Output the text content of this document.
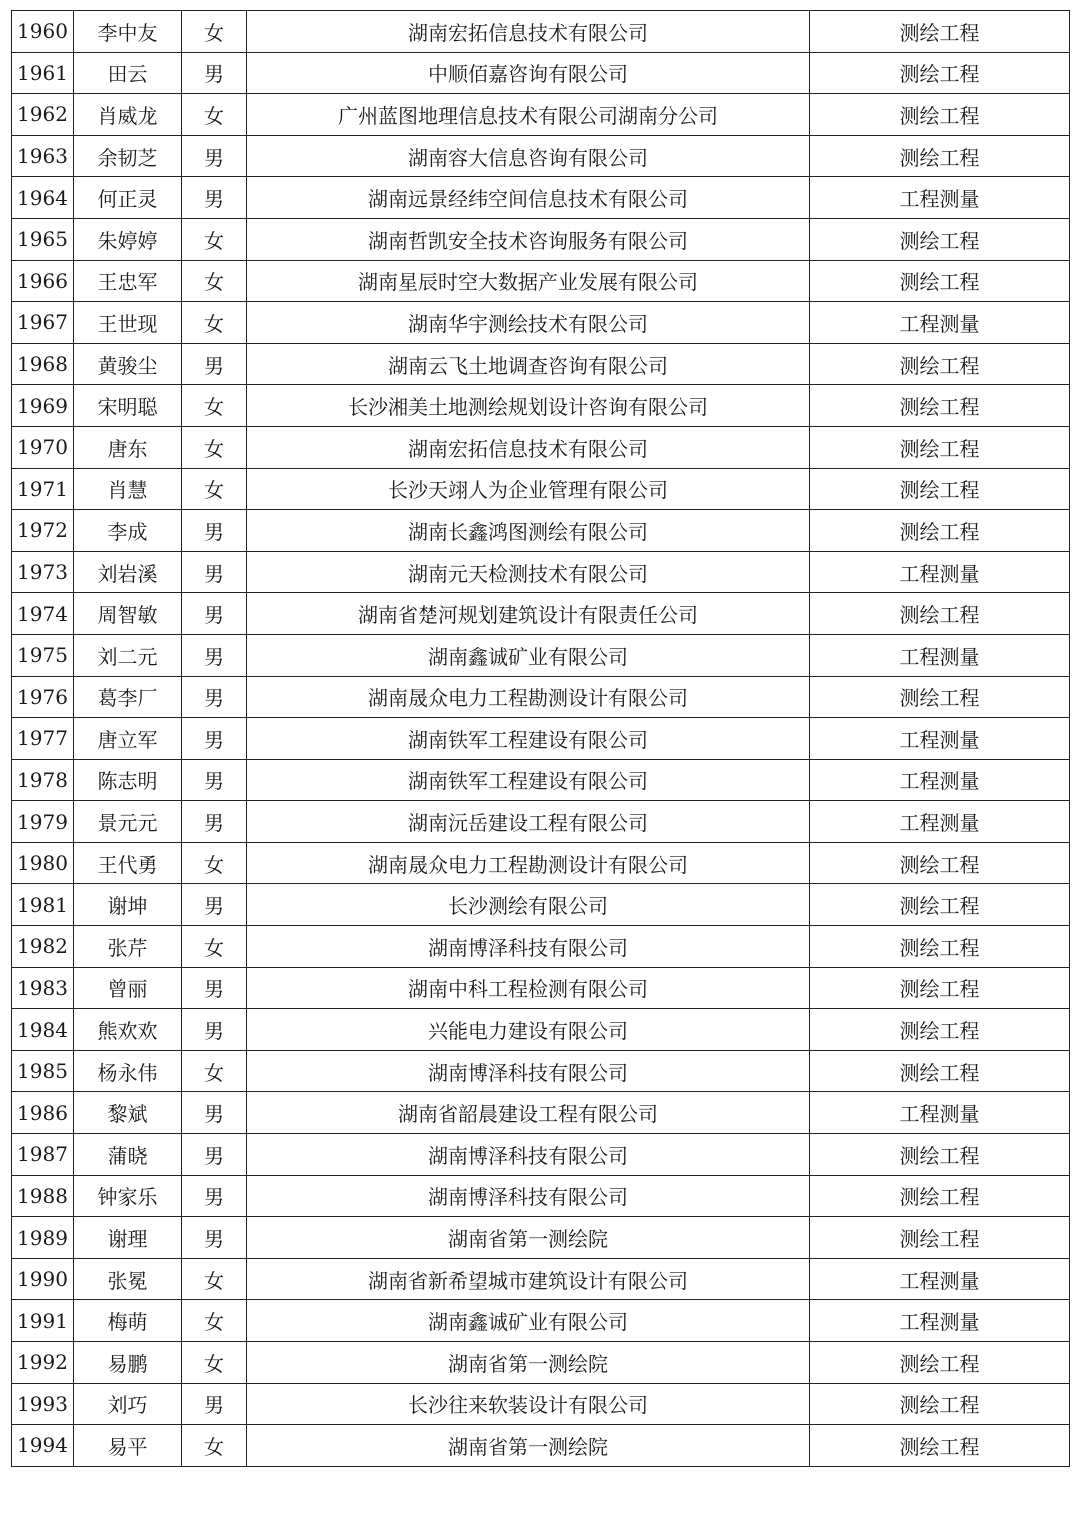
1960	李中友	女	湖南宏拓信息技术有限公司	测绘工程
1961	田云	男	中顺佰嘉咨询有限公司	测绘工程
1962	肖威龙	女	广州蓝图地理信息技术有限公司湖南分公司	测绘工程
1963	余韧芝	男	湖南容大信息咨询有限公司	测绘工程
1964	何正灵	男	湖南远景经纬空间信息技术有限公司	工程测量
1965	朱婷婷	女	湖南哲凯安全技术咨询服务有限公司	测绘工程
1966	王忠军	女	湖南星辰时空大数据产业发展有限公司	测绘工程
1967	王世现	女	湖南华宇测绘技术有限公司	工程测量
1968	黄骏尘	男	湖南云飞土地调查咨询有限公司	测绘工程
1969	宋明聪	女	长沙湘美土地测绘规划设计咨询有限公司	测绘工程
1970	唐东	女	湖南宏拓信息技术有限公司	测绘工程
1971	肖慧	女	长沙天翊人为企业管理有限公司	测绘工程
1972	李成	男	湖南长鑫鸿图测绘有限公司	测绘工程
1973	刘岩溪	男	湖南元天检测技术有限公司	工程测量
1974	周智敏	男	湖南省楚河规划建筑设计有限责任公司	测绘工程
1975	刘二元	男	湖南鑫诚矿业有限公司	工程测量
1976	葛李厂	男	湖南晟众电力工程勘测设计有限公司	测绘工程
1977	唐立军	男	湖南铁军工程建设有限公司	工程测量
1978	陈志明	男	湖南铁军工程建设有限公司	工程测量
1979	景元元	男	湖南沅岳建设工程有限公司	工程测量
1980	王代勇	女	湖南晟众电力工程勘测设计有限公司	测绘工程
1981	谢坤	男	长沙测绘有限公司	测绘工程
1982	张芹	女	湖南博泽科技有限公司	测绘工程
1983	曾丽	男	湖南中科工程检测有限公司	测绘工程
1984	熊欢欢	男	兴能电力建设有限公司	测绘工程
1985	杨永伟	女	湖南博泽科技有限公司	测绘工程
1986	黎斌	男	湖南省韶晨建设工程有限公司	工程测量
1987	蒲晓	男	湖南博泽科技有限公司	测绘工程
1988	钟家乐	男	湖南博泽科技有限公司	测绘工程
1989	谢理	男	湖南省第一测绘院	测绘工程
1990	张冕	女	湖南省新希望城市建筑设计有限公司	工程测量
1991	梅萌	女	湖南鑫诚矿业有限公司	工程测量
1992	易鹏	女	湖南省第一测绘院	测绘工程
1993	刘巧	男	长沙往来软装设计有限公司	测绘工程
1994	易平	女	湖南省第一测绘院	测绘工程
